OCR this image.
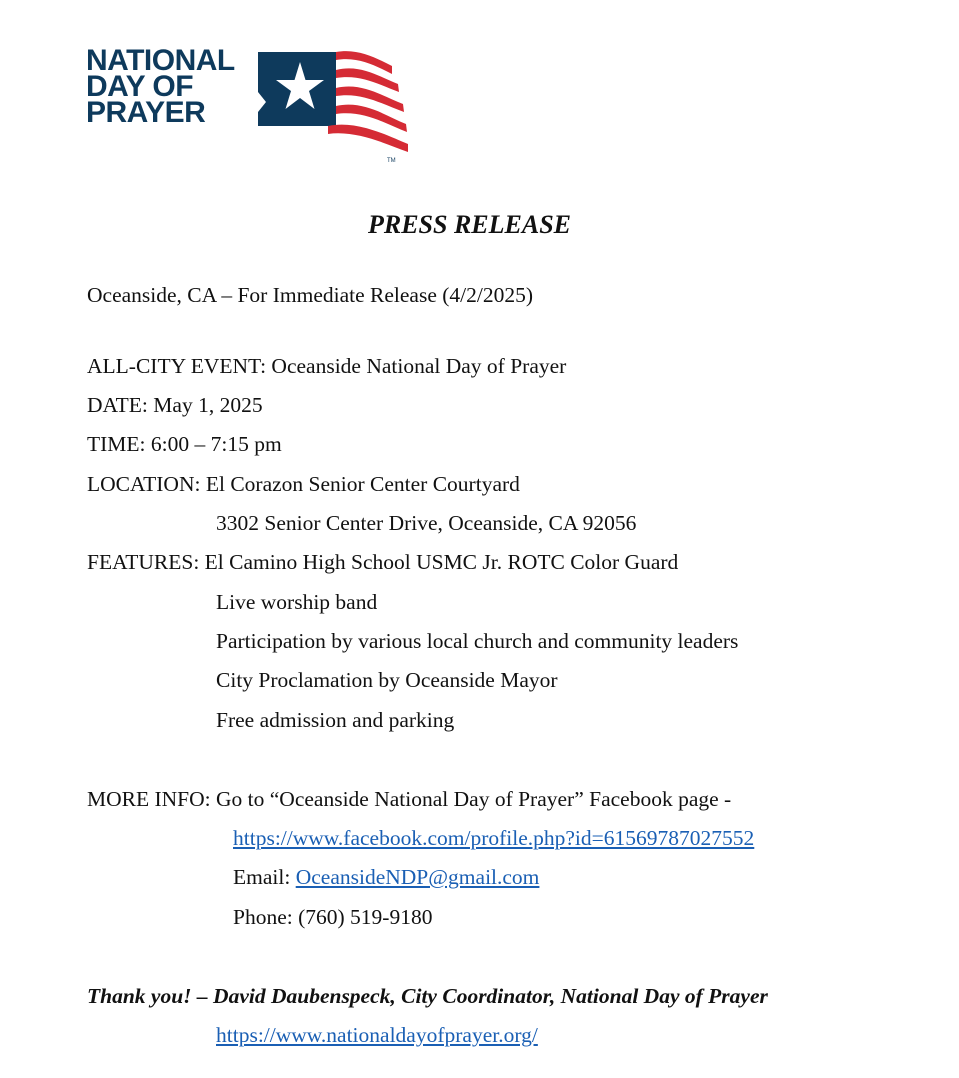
NATIONAL
DAY OF
PRAYER
TM
PRESS RELEASE
Oceanside, CA – For Immediate Release (4/2/2025)
ALL-CITY EVENT: Oceanside National Day of Prayer
DATE: May 1, 2025
TIME: 6:00 – 7:15 pm
LOCATION: El Corazon Senior Center Courtyard
3302 Senior Center Drive, Oceanside, CA 92056
FEATURES: El Camino High School USMC Jr. ROTC Color Guard
Live worship band
Participation by various local church and community leaders
City Proclamation by Oceanside Mayor
Free admission and parking
MORE INFO: Go to “Oceanside National Day of Prayer” Facebook page -
https://www.facebook.com/profile.php?id=61569787027552
Email: OceansideNDP@gmail.com
Phone: (760) 519-9180
Thank you! – David Daubenspeck, City Coordinator, National Day of Prayer
https://www.nationaldayofprayer.org/
